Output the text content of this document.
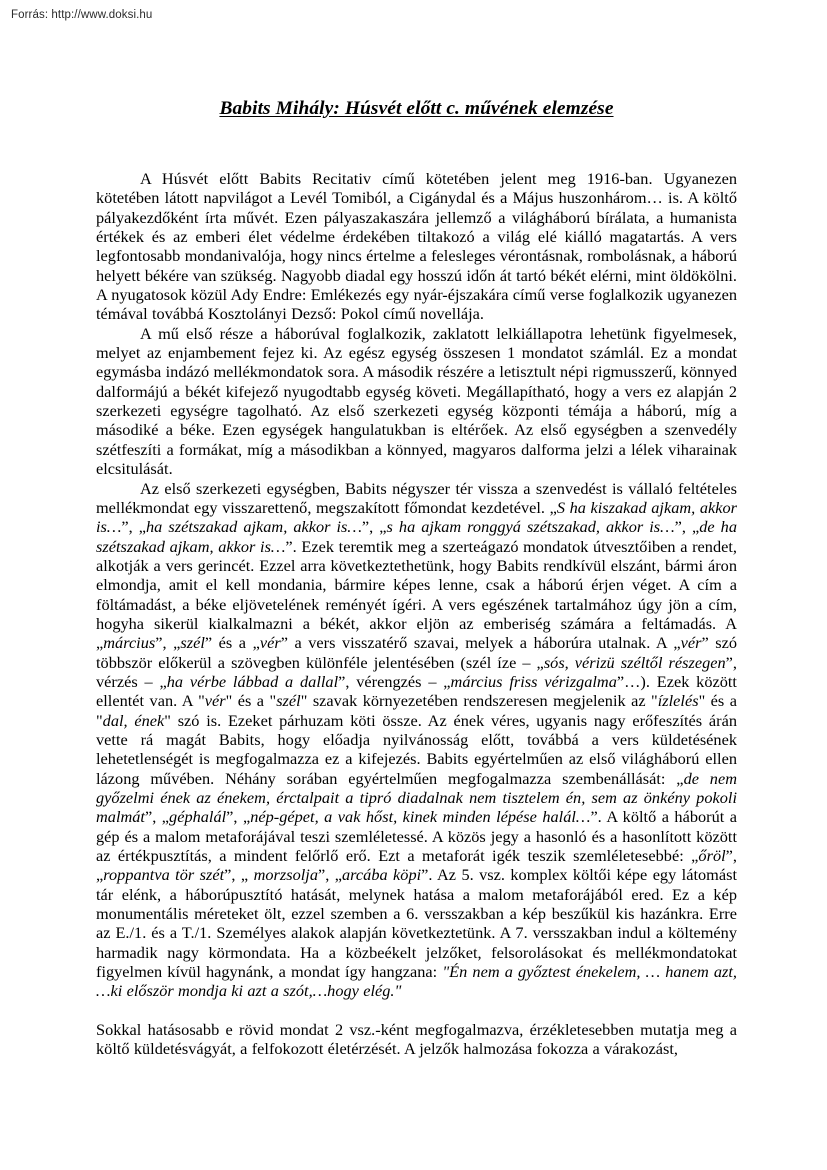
Forrás: http://www.doksi.hu
Babits Mihály: Húsvét előtt c. művének elemzése

A Húsvét előtt Babits Recitativ című kötetében jelent meg 1916-ban. Ugyanezen kötetében látott napvilágot a Levél Tomiból, a Cigánydal és a Május huszonhárom… is. A költő pályakezdőként írta művét. Ezen pályaszakaszára jellemző a világháború bírálata, a humanista értékek és az emberi élet védelme érdekében tiltakozó a világ elé kiálló magatartás. A vers legfontosabb mondanivalója, hogy nincs értelme a felesleges vérontásnak, rombolásnak, a háború helyett békére van szükség. Nagyobb diadal egy hosszú időn át tartó békét elérni, mint öldökölni. A nyugatosok közül Ady Endre: Emlékezés egy nyár-éjszakára című verse foglalkozik ugyanezen témával továbbá Kosztolányi Dezső: Pokol című novellája.

A mű első része a háborúval foglalkozik, zaklatott lelkiállapotra lehetünk figyelmesek, melyet az enjambement fejez ki. Az egész egység összesen 1 mondatot számlál. Ez a mondat egymásba indázó mellékmondatok sora. A második részére a letisztult népi rigmusszerű, könnyed dalformájú a békét kifejező nyugodtabb egység követi. Megállapítható, hogy a vers ez alapján 2 szerkezeti egységre tagolható. Az első szerkezeti egység központi témája a háború, míg a másodiké a béke. Ezen egységek hangulatukban is eltérőek. Az első egységben a szenvedély szétfeszíti a formákat, míg a másodikban a könnyed, magyaros dalforma jelzi a lélek viharainak elcsitulását.

Az első szerkezeti egységben, Babits négyszer tér vissza a szenvedést is vállaló feltételes mellékmondat egy visszarettenő, megszakított főmondat kezdetével. „S ha kiszakad ajkam, akkor is…”, „ha szétszakad ajkam, akkor is…”, „s ha ajkam ronggyá szétszakad, akkor is…”, „de ha szétszakad ajkam, akkor is…”. Ezek teremtik meg a szerteágazó mondatok útvesztőiben a rendet, alkotják a vers gerincét. Ezzel arra következtethetünk, hogy Babits rendkívül elszánt, bármi áron elmondja, amit el kell mondania, bármire képes lenne, csak a háború érjen véget. A cím a föltámadást, a béke eljövetelének reményét ígéri. A vers egészének tartalmához úgy jön a cím, hogyha sikerül kialkalmazni a békét, akkor eljön az emberiség számára a feltámadás. A „március”, „szél” és a „vér” a vers visszatérő szavai, melyek a háborúra utalnak. A „vér” szó többször előkerül a szövegben különféle jelentésében (szél íze – „sós, vérizü széltől részegen”, vérzés – „ha vérbe lábbad a dallal”, vérengzés – „március friss vérizgalma”…). Ezek között ellentét van. A "vér" és a "szél" szavak környezetében rendszeresen megjelenik az "ízlelés" és a "dal, ének" szó is. Ezeket párhuzam köti össze. Az ének véres, ugyanis nagy erőfeszítés árán vette rá magát Babits, hogy előadja nyilvánosság előtt, továbbá a vers küldetésének lehetetlenségét is megfogalmazza ez a kifejezés. Babits egyértelműen az első világháború ellen lázong művében. Néhány sorában egyértelműen megfogalmazza szembenállását: „de nem győzelmi ének az énekem, érctalpait a tipró diadalnak nem tisztelem én, sem az önkény pokoli malmát”, „géphalál”, „nép-gépet, a vak hőst, kinek minden lépése halál…”. A költő a háborút a gép és a malom metaforájával teszi szemléletessé. A közös jegy a hasonló és a hasonlított között az értékpusztítás, a mindent felőrlő erő. Ezt a metaforát igék teszik szemléletesebbé: „őröl”, „roppantva tör szét”, „ morzsolja”, „arcába köpi”. Az 5. vsz. komplex költői képe egy látomást tár elénk, a háborúpusztító hatását, melynek hatása a malom metaforájából ered. Ez a kép monumentális méreteket ölt, ezzel szemben a 6. versszakban a kép beszűkül kis hazánkra. Erre az E./1. és a T./1. Személyes alakok alapján következtetünk. A 7. versszakban indul a költemény harmadik nagy körmondata. Ha a közbeékelt jelzőket, felsorolásokat és mellékmondatokat figyelmen kívül hagynánk, a mondat így hangzana: "Én nem a győztest énekelem, … hanem azt, …ki először mondja ki azt a szót,…hogy elég."

Sokkal hatásosabb e rövid mondat 2 vsz.-ként megfogalmazva, érzékletesebben mutatja meg a költő küldetésvágyát, a felfokozott életérzését. A jelzők halmozása fokozza a várakozást,
